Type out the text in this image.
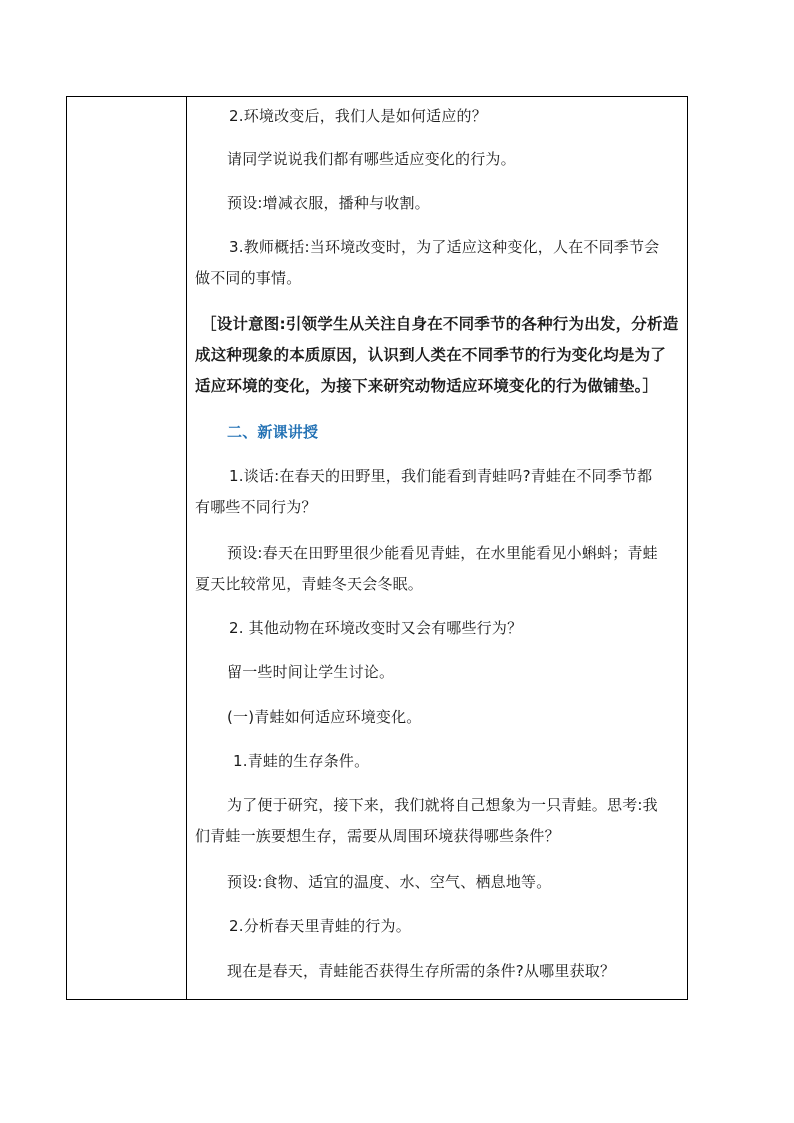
2.环境改变后，我们人是如何适应的？
请同学说说我们都有哪些适应变化的行为。
预设:增减衣服，播种与收割。
3.教师概括:当环境改变时，为了适应这种变化，人在不同季节会
做不同的事情。
［设计意图:引领学生从关注自身在不同季节的各种行为出发，分析造
成这种现象的本质原因，认识到人类在不同季节的行为变化均是为了
适应环境的变化，为接下来研究动物适应环境变化的行为做铺垫。］
二、新课讲授
1.谈话:在春天的田野里，我们能看到青蛙吗?青蛙在不同季节都
有哪些不同行为？
预设:春天在田野里很少能看见青蛙，在水里能看见小蝌蚪；青蛙
夏天比较常见，青蛙冬天会冬眠。
2. 其他动物在环境改变时又会有哪些行为？
留一些时间让学生讨论。
(一)青蛙如何适应环境变化。
1.青蛙的生存条件。
为了便于研究，接下来，我们就将自己想象为一只青蛙。思考:我
们青蛙一族要想生存，需要从周围环境获得哪些条件？
预设:食物、适宜的温度、水、空气、栖息地等。
2.分析春天里青蛙的行为。
现在是春天，青蛙能否获得生存所需的条件?从哪里获取？
